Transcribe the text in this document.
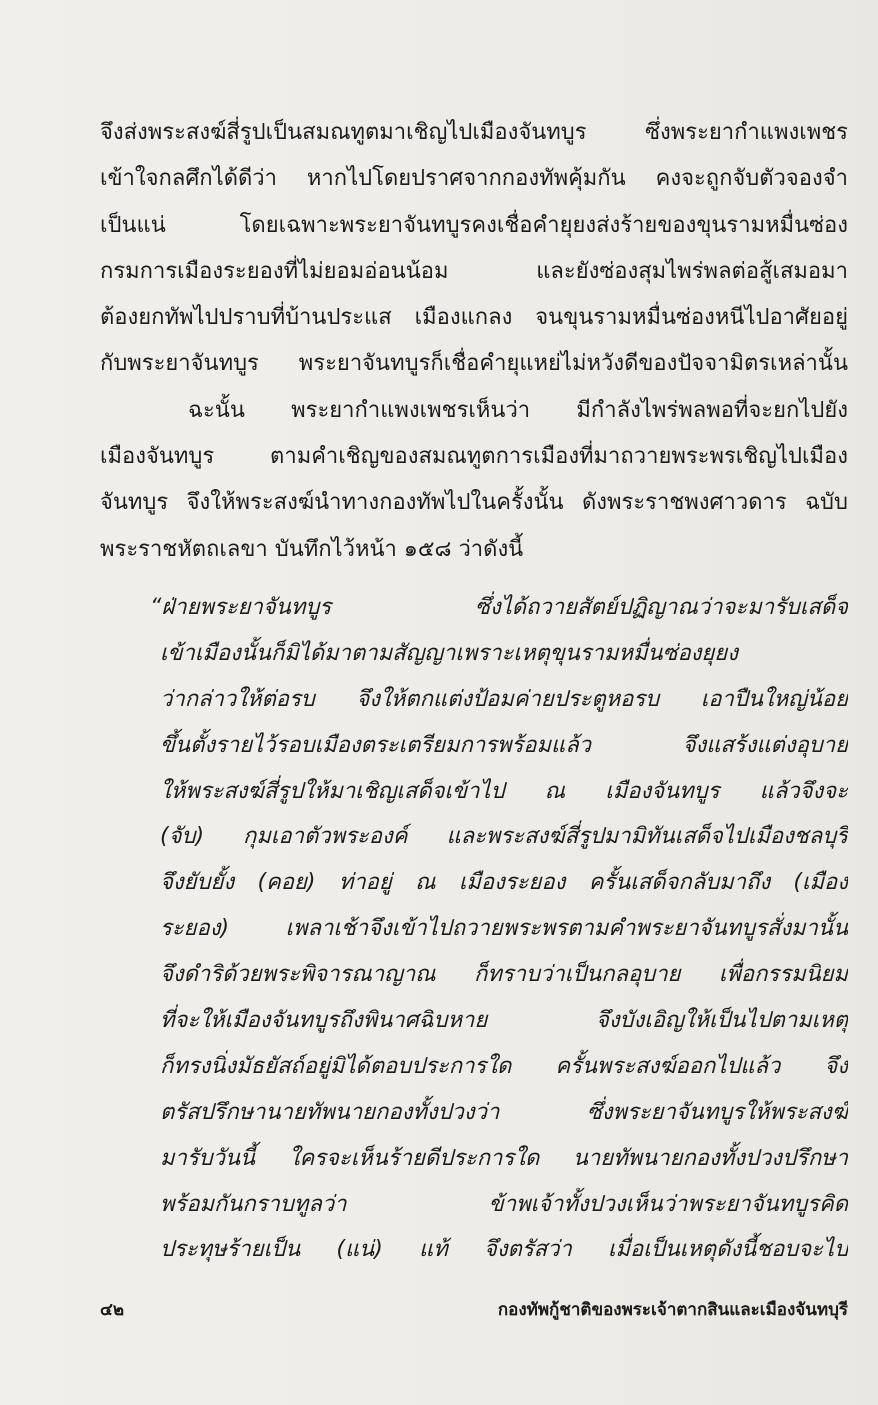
จึงส่งพระสงฆ์สี่รูปเป็นสมณทูตมาเชิญไปเมืองจันทบูร ซึ่งพระยากำแพงเพชร
เข้าใจกลศึกได้ดีว่า หากไปโดยปราศจากกองทัพคุ้มกัน คงจะถูกจับตัวจองจำ
เป็นแน่ โดยเฉพาะพระยาจันทบูรคงเชื่อคำยุยงส่งร้ายของขุนรามหมื่นซ่อง
กรมการเมืองระยองที่ไม่ยอมอ่อนน้อม และยังซ่องสุมไพร่พลต่อสู้เสมอมา
ต้องยกทัพไปปราบที่บ้านประแส เมืองแกลง จนขุนรามหมื่นซ่องหนีไปอาศัยอยู่
กับพระยาจันทบูร พระยาจันทบูรก็เชื่อคำยุแหย่ไม่หวังดีของปัจจามิตรเหล่านั้น
ฉะนั้น พระยากำแพงเพชรเห็นว่า มีกำลังไพร่พลพอที่จะยกไปยัง
เมืองจันทบูร ตามคำเชิญของสมณทูตการเมืองที่มาถวายพระพรเชิญไปเมือง
จันทบูร จึงให้พระสงฆ์นำทางกองทัพไปในครั้งนั้น ดังพระราชพงศาวดาร ฉบับ
พระราชหัตถเลขา บันทึกไว้หน้า ๑๕๘ ว่าดังนี้
“ฝ่ายพระยาจันทบูร ซึ่งได้ถวายสัตย์ปฏิญาณว่าจะมารับเสด็จ
เข้าเมืองนั้นก็มิได้มาตามสัญญาเพราะเหตุขุนรามหมื่นซ่องยุยง
ว่ากล่าวให้ต่อรบ จึงให้ตกแต่งป้อมค่ายประตูหอรบ เอาปืนใหญ่น้อย
ขึ้นตั้งรายไว้รอบเมืองตระเตรียมการพร้อมแล้ว จึงแสร้งแต่งอุบาย
ให้พระสงฆ์สี่รูปให้มาเชิญเสด็จเข้าไป ณ เมืองจันทบูร แล้วจึงจะ
(จับ) กุมเอาตัวพระองค์ และพระสงฆ์สี่รูปมามิทันเสด็จไปเมืองชลบุรี
จึงยับยั้ง (คอย) ท่าอยู่ ณ เมืองระยอง ครั้นเสด็จกลับมาถึง (เมือง
ระยอง) เพลาเช้าจึงเข้าไปถวายพระพรตามคำพระยาจันทบูรสั่งมานั้น
จึงดำริด้วยพระพิจารณาญาณ ก็ทราบว่าเป็นกลอุบาย เพื่อกรรมนิยม
ที่จะให้เมืองจันทบูรถึงพินาศฉิบหาย จึงบังเอิญให้เป็นไปตามเหตุ
ก็ทรงนิ่งมัธยัสถ์อยู่มิได้ตอบประการใด ครั้นพระสงฆ์ออกไปแล้ว จึง
ตรัสปรึกษานายทัพนายกองทั้งปวงว่า ซึ่งพระยาจันทบูรให้พระสงฆ์
มารับวันนี้ ใครจะเห็นร้ายดีประการใด นายทัพนายกองทั้งปวงปรึกษา
พร้อมกันกราบทูลว่า ข้าพเจ้าทั้งปวงเห็นว่าพระยาจันทบูรคิด
ประทุษร้ายเป็น (แน่) แท้ จึงตรัสว่า เมื่อเป็นเหตุดังนี้ชอบจะไป
๔๒	กองทัพกู้ชาติของพระเจ้าตากสินและเมืองจันทบุรี
